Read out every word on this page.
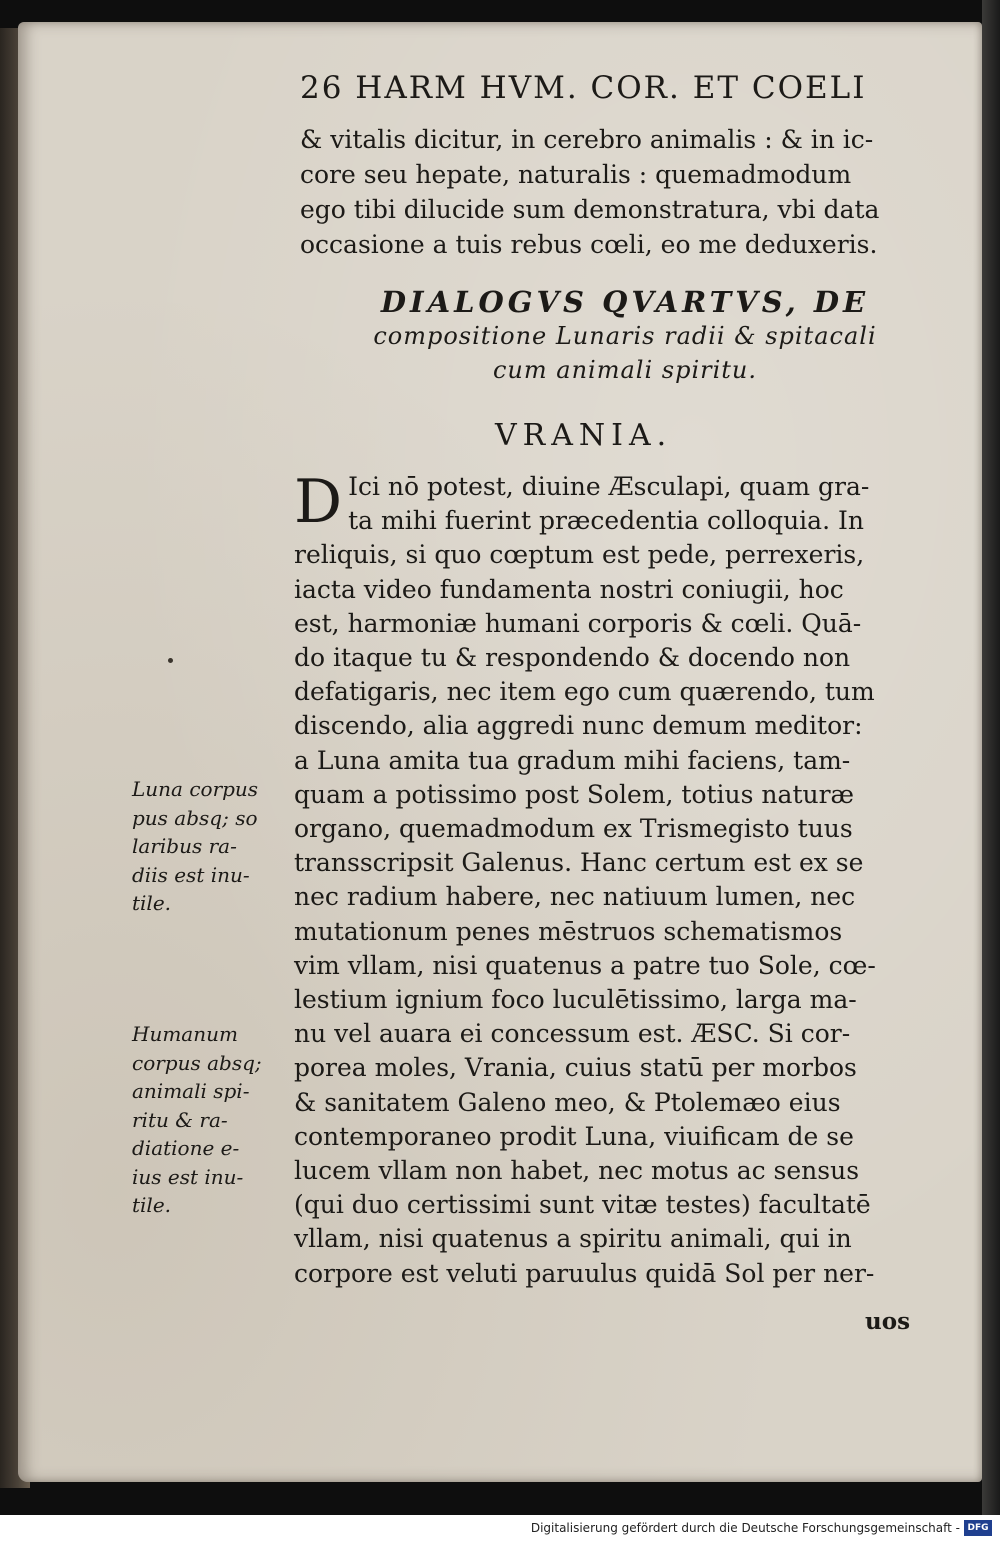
26 HARM HVM. COR. ET COELI
& vitalis dicitur, in cerebro animalis : & in ic-
core seu hepate, naturalis : quemadmodum
ego tibi dilucide sum demonstratura, vbi data
occasione a tuis rebus cœli, eo me deduxeris.
DIALOGVS QVARTVS, DE
compositione Lunaris radii & spitacali
cum animali spiritu.
VRANIA.
D Ici nō potest, diuine Æsculapi, quam gra-
ta mihi fuerint præcedentia colloquia. In
reliquis, si quo cœptum est pede, perrexeris,
iacta video fundamenta nostri coniugii, hoc
est, harmoniæ humani corporis & cœli. Quā-
do itaque tu & respondendo & docendo non
defatigaris, nec item ego cum quærendo, tum
discendo, alia aggredi nunc demum meditor:
a Luna amita tua gradum mihi faciens, tam-
quam a potissimo post Solem, totius naturæ
organo, quemadmodum ex Trismegisto tuus
transscripsit Galenus. Hanc certum est ex se
nec radium habere, nec natiuum lumen, nec
mutationum penes mēstruos schematismos
vim vllam, nisi quatenus a patre tuo Sole, cœ-
lestium ignium foco luculētissimo, larga ma-
nu vel auara ei concessum est. ÆSC. Si cor-
porea moles, Vrania, cuius statū per morbos
& sanitatem Galeno meo, & Ptolemæo eius
contemporaneo prodit Luna, viuificam de se
lucem vllam non habet, nec motus ac sensus
(qui duo certissimi sunt vitæ testes) facultatē
vllam, nisi quatenus a spiritu animali, qui in
corpore est veluti paruulus quidā Sol per ner-
uos
Luna corpus
pus absq; so
laribus ra-
diis est inu-
tile.
Humanum
corpus absq;
animali spi-
ritu & ra-
diatione e-
ius est inu-
tile.
Digitalisierung gefördert durch die Deutsche Forschungsgemeinschaft - DFG
